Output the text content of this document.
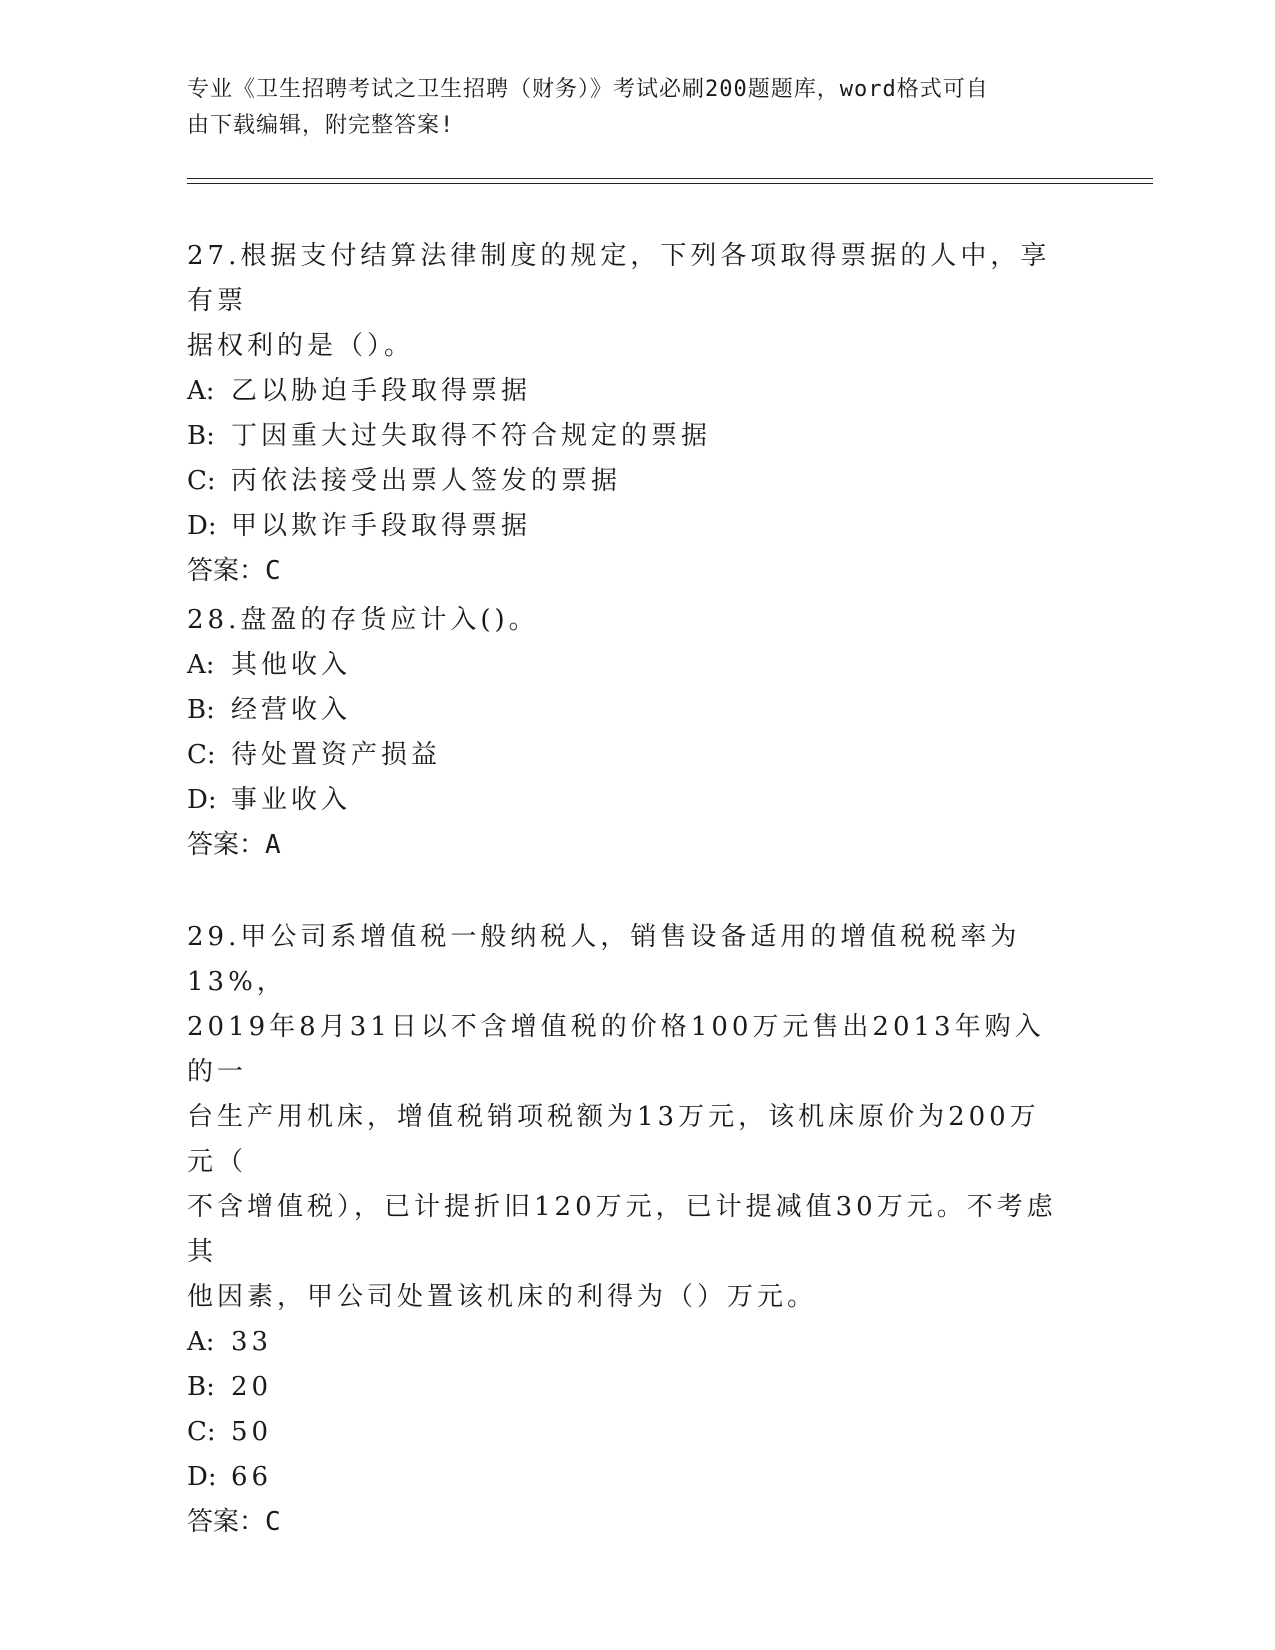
专业《卫生招聘考试之卫生招聘（财务）》考试必刷200题题库，word格式可自
由下载编辑，附完整答案!

27.根据支付结算法律制度的规定，下列各项取得票据的人中，享有票

据权利的是（）。

A: 乙以胁迫手段取得票据

B: 丁因重大过失取得不符合规定的票据

C: 丙依法接受出票人签发的票据

D: 甲以欺诈手段取得票据

答案：C

28.盘盈的存货应计入()。

A: 其他收入

B: 经营收入

C: 待处置资产损益

D: 事业收入

答案：A

29.甲公司系增值税一般纳税人，销售设备适用的增值税税率为13%，

2019年8月31日以不含增值税的价格100万元售出2013年购入的一

台生产用机床，增值税销项税额为13万元，该机床原价为200万元（

不含增值税），已计提折旧120万元，已计提减值30万元。不考虑其

他因素，甲公司处置该机床的利得为（）万元。

A: 33

B: 20

C: 50

D: 66

答案：C
